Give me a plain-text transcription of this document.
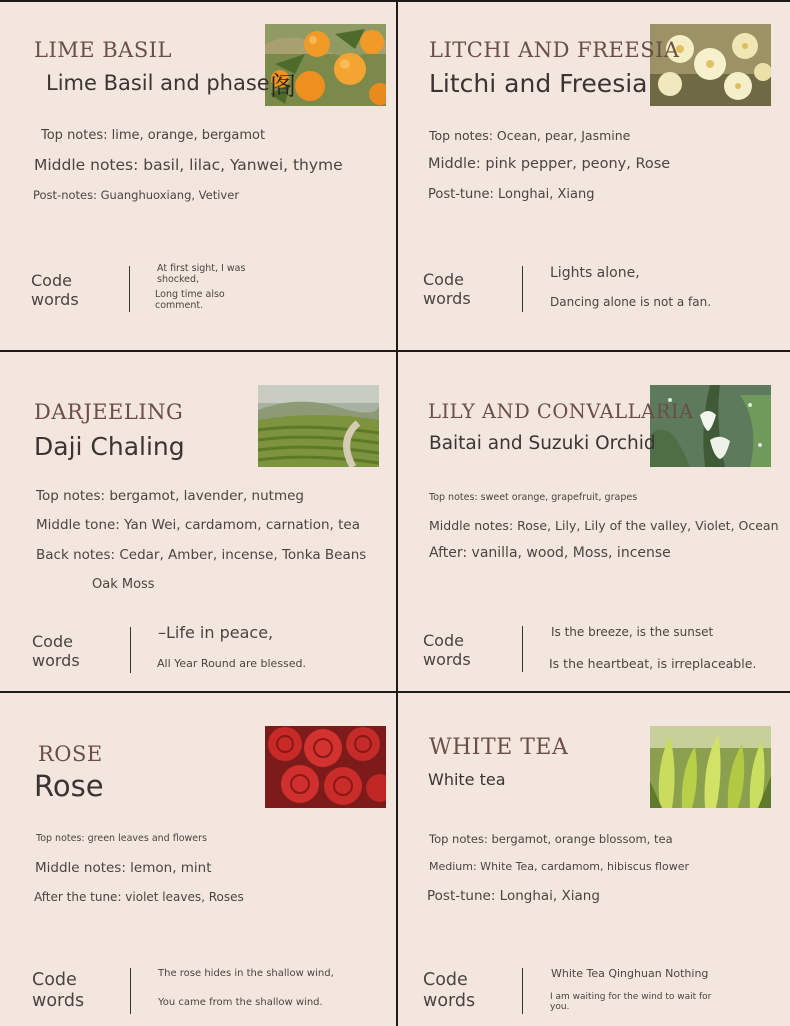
阁
LIME BASIL
Lime Basil and phase
Top notes: lime, orange, bergamot
Middle notes: basil, lilac, Yanwei, thyme
Post-notes: Guanghuoxiang, Vetiver
Code
words
At first sight, I was shocked,
Long time also comment.
LITCHI AND FREESIA
Litchi and Freesia
Top notes: Ocean, pear, Jasmine
Middle: pink pepper, peony, Rose
Post-tune: Longhai, Xiang
Code
words
Lights alone,
Dancing alone is not a fan.
DARJEELING
Daji Chaling
Top notes: bergamot, lavender, nutmeg
Middle tone: Yan Wei, cardamom, carnation, tea
Back notes: Cedar, Amber, incense, Tonka Beans
Oak Moss
Code
words
–Life in peace,
All Year Round are blessed.
LILY AND CONVALLARIA
Baitai and Suzuki Orchid
Top notes: sweet orange, grapefruit, grapes
Middle notes: Rose, Lily, Lily of the valley, Violet, Ocean
After: vanilla, wood, Moss, incense
Code
words
Is the breeze, is the sunset
Is the heartbeat, is irreplaceable.
ROSE
Rose
Top notes: green leaves and flowers
Middle notes: lemon, mint
After the tune: violet leaves, Roses
Code
words
The rose hides in the shallow wind,
You came from the shallow wind.
WHITE TEA
White tea
Top notes: bergamot, orange blossom, tea
Medium: White Tea, cardamom, hibiscus flower
Post-tune: Longhai, Xiang
Code
words
White Tea Qinghuan Nothing
I am waiting for the wind to wait for you.
